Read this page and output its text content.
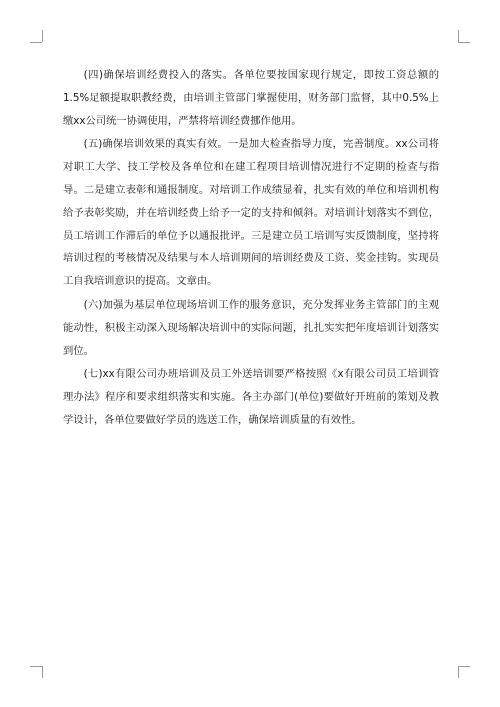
(四)确保培训经费投入的落实。各单位要按国家现行规定，即按工资总额的1.5%足额提取职教经费，由培训主管部门掌握使用，财务部门监督，其中0.5%上缴xx公司统一协调使用，严禁将培训经费挪作他用。

(五)确保培训效果的真实有效。一是加大检查指导力度，完善制度。xx公司将对职工大学、技工学校及各单位和在建工程项目培训情况进行不定期的检查与指导。二是建立表彰和通报制度。对培训工作成绩显着，扎实有效的单位和培训机构给予表彰奖励，并在培训经费上给予一定的支持和倾斜。对培训计划落实不到位，员工培训工作滞后的单位予以通报批评。三是建立员工培训写实反馈制度，坚持将培训过程的考核情况及结果与本人培训期间的培训经费及工资、奖金挂钩。实现员工自我培训意识的提高。文章由。

(六)加强为基层单位现场培训工作的服务意识，充分发挥业务主管部门的主观能动性，积极主动深入现场解决培训中的实际问题，扎扎实实把年度培训计划落实到位。

(七)xx有限公司办班培训及员工外送培训要严格按照《x有限公司员工培训管理办法》程序和要求组织落实和实施。各主办部门(单位)要做好开班前的策划及教学设计，各单位要做好学员的选送工作，确保培训质量的有效性。
